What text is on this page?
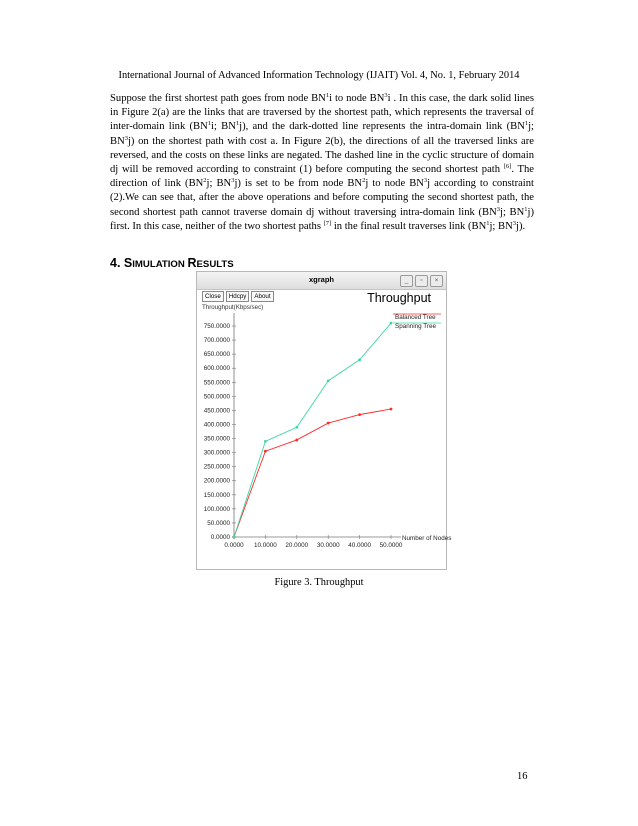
International Journal of Advanced Information Technology (IJAIT) Vol. 4, No. 1, February 2014

Suppose the first shortest path goes from node $BN^1i$ to node $BN^3i$ . In this case, the dark solid lines in Figure 2(a) are the links that are traversed by the shortest path, which represents the traversal of inter-domain link ($BN^1i$; $BN^1j$), and the dark-dotted line represents the intra-domain link ($BN^1j$; $BN^3j$) on the shortest path with cost a. In Figure 2(b), the directions of all the traversed links are reversed, and the costs on these links are negated. The dashed line in the cyclic structure of domain dj will be removed according to constraint (1) before computing the second shortest path [6]. The direction of link ($BN^2j$; $BN^3j$) is set to be from node $BN^2j$ to node $BN^3j$ according to constraint (2).We can see that, after the above operations and before computing the second shortest path, the second shortest path cannot traverse domain dj without traversing intra-domain link ($BN^3j$; $BN^1j$) first. In this case, neither of the two shortest paths [7] in the final result traverses link ($BN^1j$; $BN^3j$).

4. SIMULATION RESULTS
xgraph	_	▫	×
Close	Hdcpy	About	Throughput
Throughput(Kbps/sec)
0.0000
50.0000
100.0000
150.0000
200.0000
250.0000
300.0000
350.0000
400.0000
450.0000
500.0000
550.0000
600.0000
650.0000
700.0000
750.0000
0.0000 10.0000 20.0000 30.0000 40.0000 50.0000
Number of Nodes
Balanced Tree
Spanning Tree
Figure 3. Throughput
16
